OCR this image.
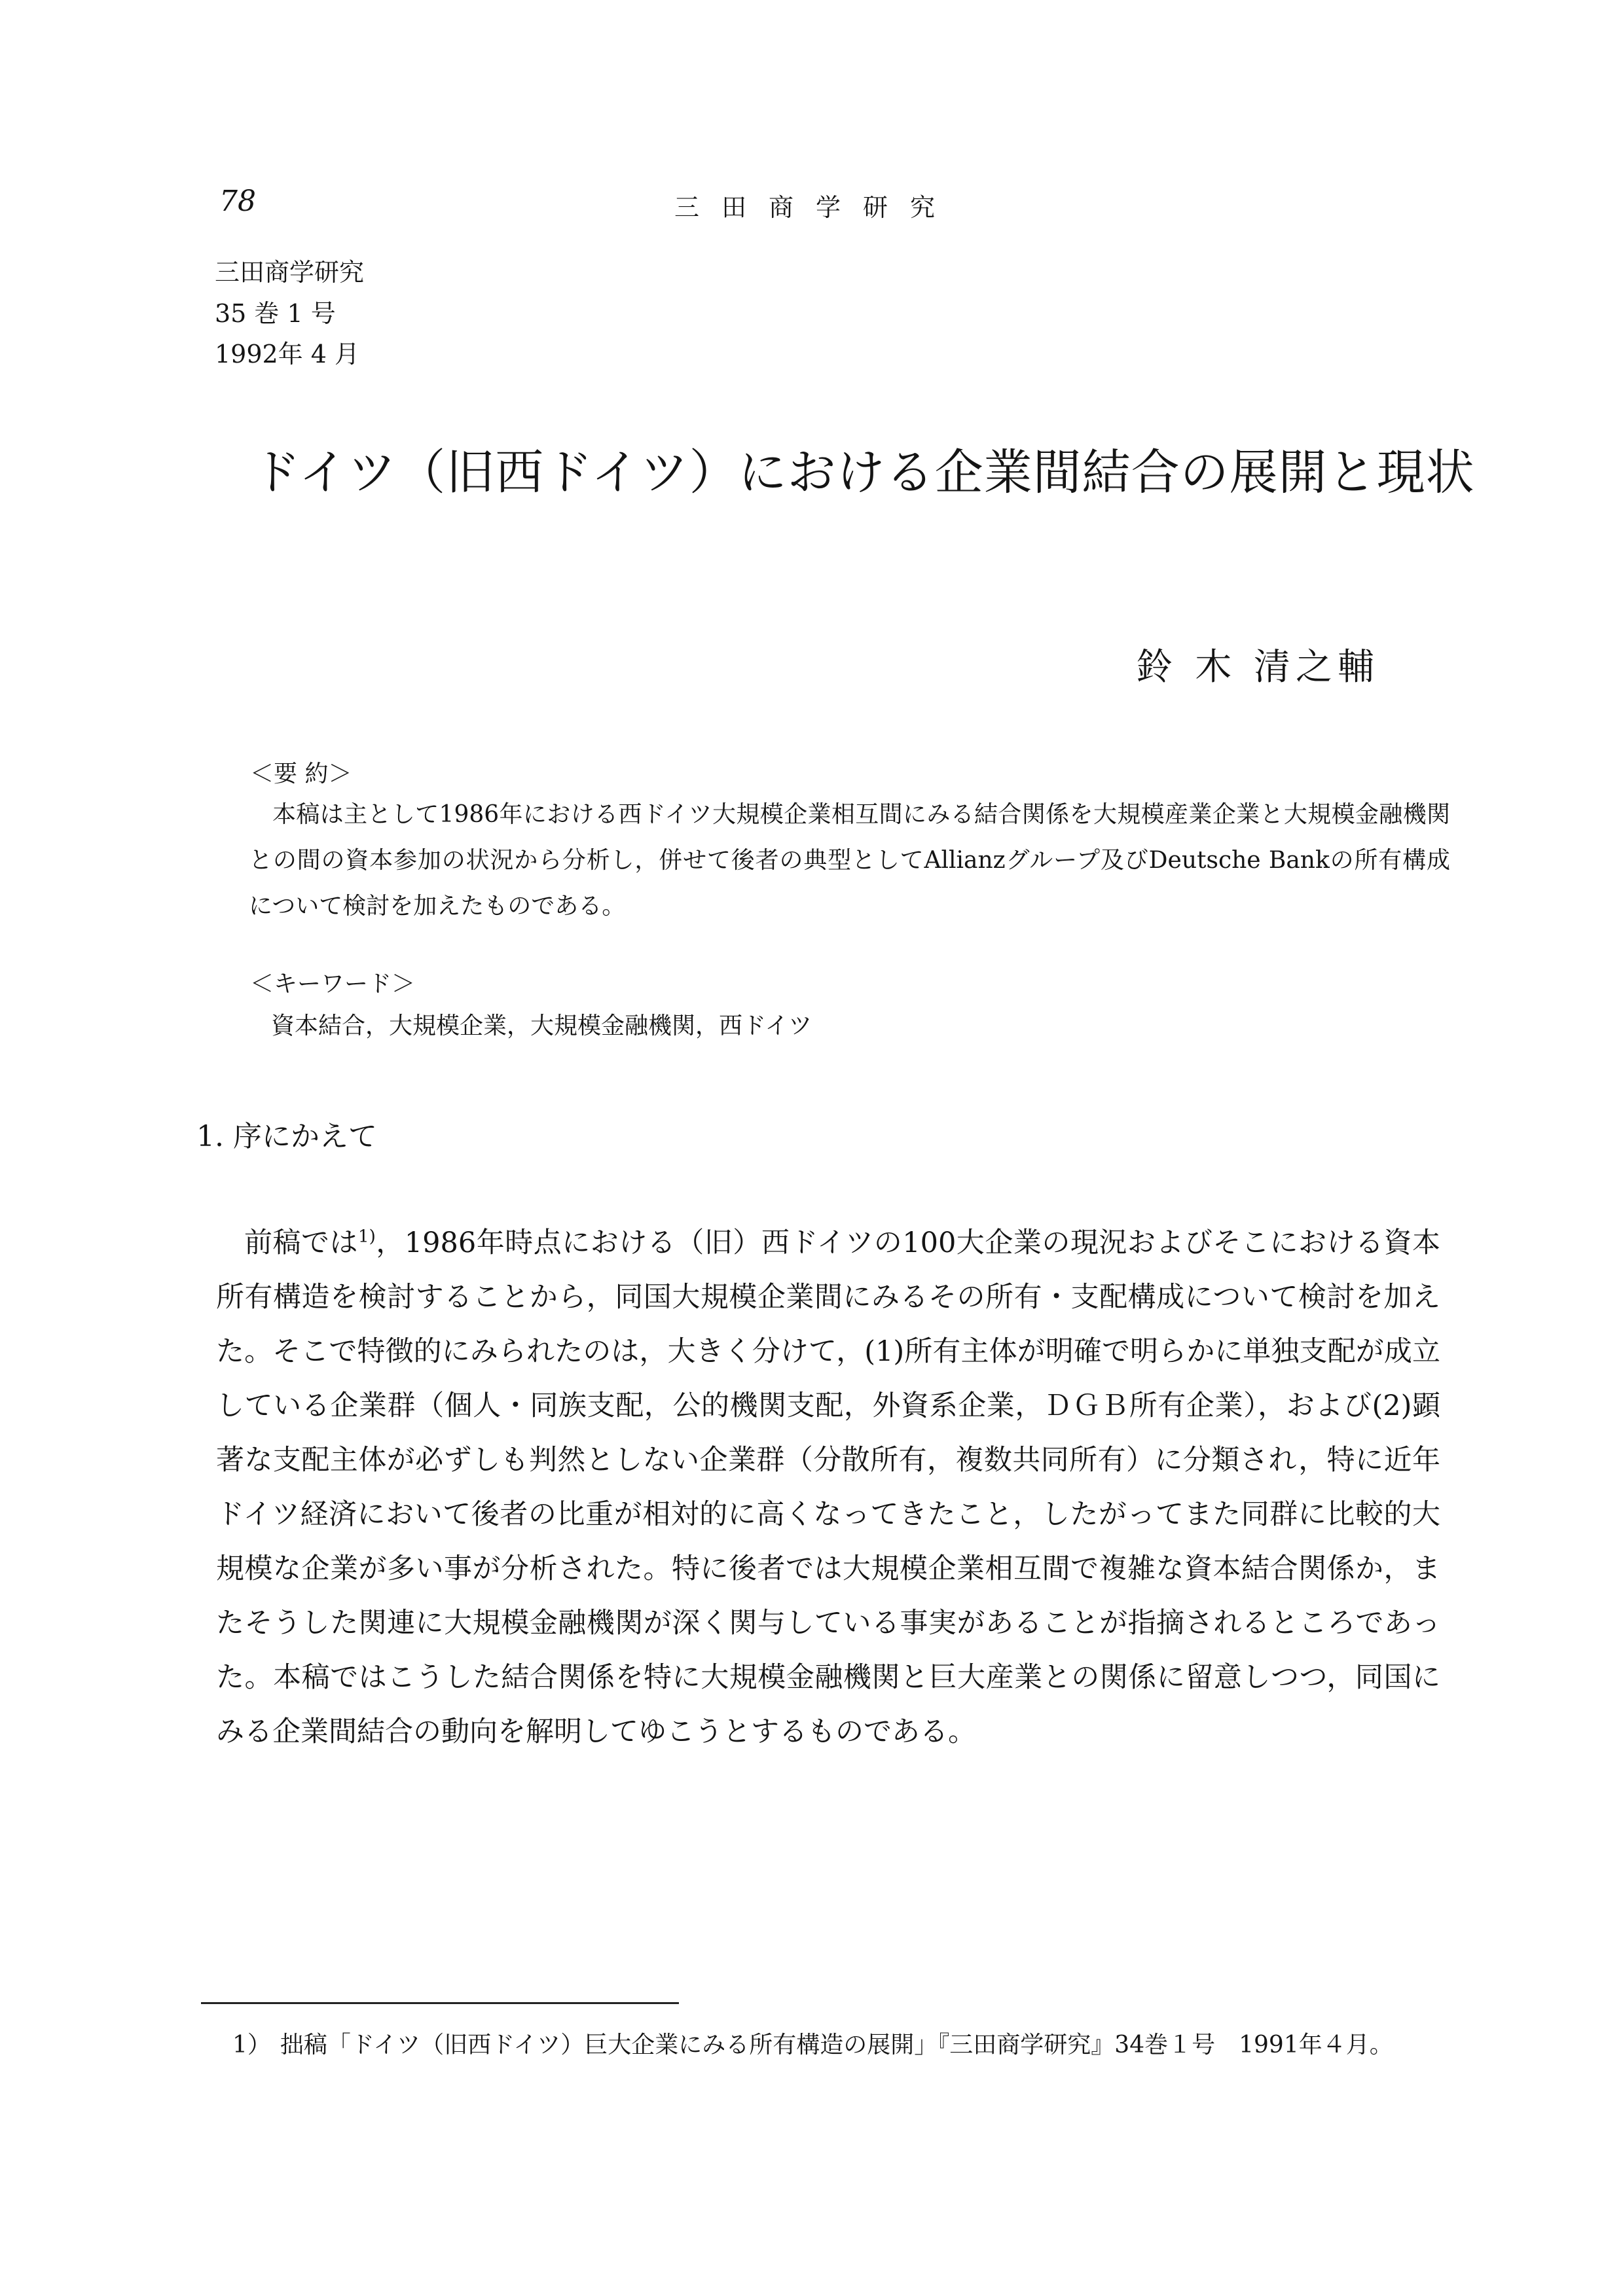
78	三田商学研究
三田商学研究
35 巻 1 号
1992年 4 月
ドイツ（旧西ドイツ）における企業間結合の展開と現状
鈴 木 清之輔
＜要 約＞

本稿は主として1986年における西ドイツ大規模企業相互間にみる結合関係を大規模産業企業と大規模金融機関との間の資本参加の状況から分析し，併せて後者の典型としてAllianzグループ及びDeutsche Bankの所有構成について検討を加えたものである。

＜キーワード＞
資本結合，大規模企業，大規模金融機関，西ドイツ
1. 序にかえて

前稿では$^{1)}$，1986年時点における（旧）西ドイツの100大企業の現況およびそこにおける資本所有構造を検討することから，同国大規模企業間にみるその所有・支配構成について検討を加えた。そこで特徴的にみられたのは，大きく分けて，(1)所有主体が明確で明らかに単独支配が成立している企業群（個人・同族支配，公的機関支配，外資系企業，ＤＧＢ所有企業），および(2)顕著な支配主体が必ずしも判然としない企業群（分散所有，複数共同所有）に分類され，特に近年ドイツ経済において後者の比重が相対的に高くなってきたこと，したがってまた同群に比較的大規模な企業が多い事が分析された。特に後者では大規模企業相互間で複雑な資本結合関係か，またそうした関連に大規模金融機関が深く関与している事実があることが指摘されるところであった。本稿ではこうした結合関係を特に大規模金融機関と巨大産業との関係に留意しつつ，同国にみる企業間結合の動向を解明してゆこうとするものである。

1） 拙稿「ドイツ（旧西ドイツ）巨大企業にみる所有構造の展開」『三田商学研究』34巻１号　1991年４月。
